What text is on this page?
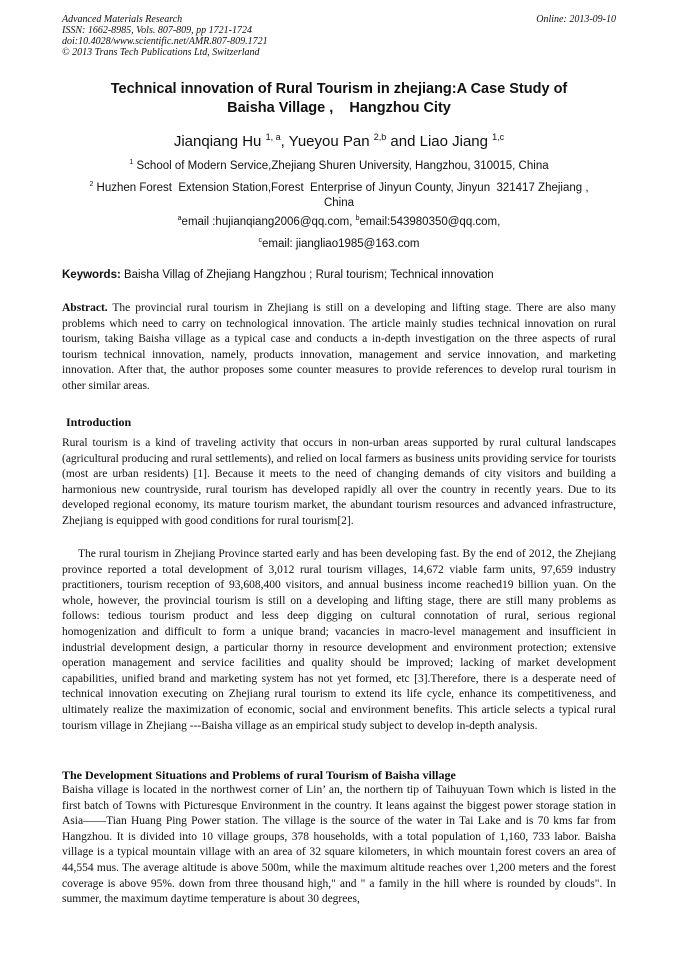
Advanced Materials Research
ISSN: 1662-8985, Vols. 807-809, pp 1721-1724
doi:10.4028/www.scientific.net/AMR.807-809.1721
© 2013 Trans Tech Publications Ltd, Switzerland
Online: 2013-09-10
Technical innovation of Rural Tourism in zhejiang:A Case Study of
Baisha Village ,    Hangzhou City
Jianqiang Hu $^{1, a}$, Yueyou Pan $^{2,b}$ and Liao Jiang $^{1,c}$
$^1$ School of Modern Service,Zhejiang Shuren University, Hangzhou, 310015, China
$^2$ Huzhen Forest  Extension Station,Forest  Enterprise of Jinyun County, Jinyun  321417 Zhejiang ,
China
$^a$email :hujianqiang2006@qq.com, $^b$email:543980350@qq.com,
$^c$email: jiangliao1985@163.com
Keywords: Baisha Villag of Zhejiang Hangzhou ; Rural tourism; Technical innovation
Abstract. The provincial rural tourism in Zhejiang is still on a developing and lifting stage. There are also many problems which need to carry on technological innovation. The article mainly studies technical innovation on rural tourism, taking Baisha village as a typical case and conducts a in-depth investigation on the three aspects of rural tourism technical innovation, namely, products innovation, management and service innovation, and marketing innovation. After that, the author proposes some counter measures to provide references to develop rural tourism in other similar areas.
Introduction
Rural tourism is a kind of traveling activity that occurs in non-urban areas supported by rural cultural landscapes (agricultural producing and rural settlements), and relied on local farmers as business units providing service for tourists (most are urban residents) [1]. Because it meets to the need of changing demands of city visitors and building a harmonious new countryside, rural tourism has developed rapidly all over the country in recently years. Due to its developed regional economy, its mature tourism market, the abundant tourism resources and advanced infrastructure, Zhejiang is equipped with good conditions for rural tourism[2].
The rural tourism in Zhejiang Province started early and has been developing fast. By the end of 2012, the Zhejiang province reported a total development of 3,012 rural tourism villages, 14,672 viable farm units, 97,659 industry practitioners, tourism reception of 93,608,400 visitors, and annual business income reached19 billion yuan. On the whole, however, the provincial tourism is still on a developing and lifting stage, there are still many problems as follows: tedious tourism product and less deep digging on cultural connotation of rural, serious regional homogenization and difficult to form a unique brand; vacancies in macro-level management and insufficient in industrial development design, a particular thorny in resource development and environment protection; extensive operation management and service facilities and quality should be improved; lacking of market development capabilities, unified brand and marketing system has not yet formed, etc [3].Therefore, there is a desperate need of technical innovation executing on Zhejiang rural tourism to extend its life cycle, enhance its competitiveness, and ultimately realize the maximization of economic, social and environment benefits. This article selects a typical rural tourism village in Zhejiang ---Baisha village as an empirical study subject to develop in-depth analysis.
The Development Situations and Problems of rural Tourism of Baisha village
Baisha village is located in the northwest corner of Lin’ an, the northern tip of Taihuyuan Town which is listed in the first batch of Towns with Picturesque Environment in the country. It leans against the biggest power storage station in Asia——Tian Huang Ping Power station. The village is the source of the water in Tai Lake and is 70 kms far from Hangzhou. It is divided into 10 village groups, 378 households, with a total population of 1,160, 733 labor. Baisha village is a typical mountain village with an area of 32 square kilometers, in which mountain forest covers an area of 44,554 mus. The average altitude is above 500m, while the maximum altitude reaches over 1,200 meters and the forest coverage is above 95%. down from three thousand high," and " a family in the hill where is rounded by clouds". In summer, the maximum daytime temperature is about 30 degrees,
